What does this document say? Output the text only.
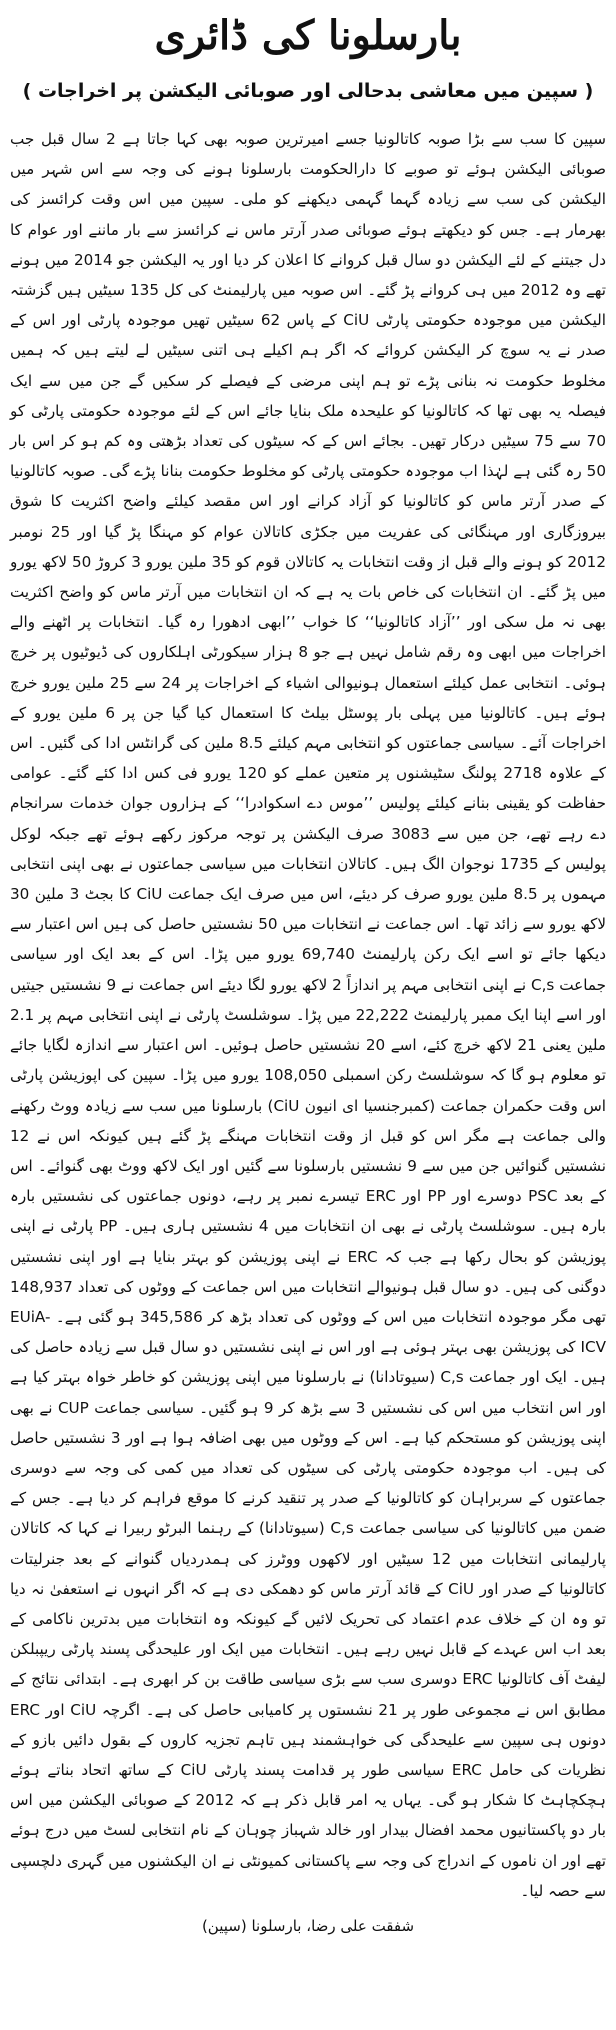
بارسلونا کی ڈائری
( سپین میں معاشی بدحالی اور صوبائی الیکشن پر اخراجات )

سپین کا سب سے بڑا صوبہ کاتالونیا جسے امیرترین صوبہ بھی کہا جاتا ہے 2 سال قبل جب صوبائی الیکشن ہوئے تو صوبے کا دارالحکومت بارسلونا ہونے کی وجہ سے اس شہر میں الیکشن کی سب سے زیادہ گہما گہمی دیکھنے کو ملی۔ سپین میں اس وقت کرائسز کی بھرمار ہے۔ جس کو دیکھتے ہوئے صوبائی صدر آرتر ماس نے کرائسز سے بار ماننے اور عوام کا دل جیتنے کے لئے الیکشن دو سال قبل کروانے کا اعلان کر دیا اور یہ الیکشن جو 2014 میں ہونے تھے وہ 2012 میں ہی کروانے پڑ گئے۔ اس صوبہ میں پارلیمنٹ کی کل 135 سیٹیں ہیں گزشتہ الیکشن میں موجودہ حکومتی پارٹی CiU کے پاس 62 سیٹیں تھیں موجودہ پارٹی اور اس کے صدر نے یہ سوچ کر الیکشن کروائے کہ اگر ہم اکیلے ہی اتنی سیٹیں لے لیتے ہیں کہ ہمیں مخلوط حکومت نہ بنانی پڑے تو ہم اپنی مرضی کے فیصلے کر سکیں گے جن میں سے ایک فیصلہ یہ بھی تھا کہ کاتالونیا کو علیحدہ ملک بنایا جائے اس کے لئے موجودہ حکومتی پارٹی کو 70 سے 75 سیٹیں درکار تھیں۔ بجائے اس کے کہ سیٹوں کی تعداد بڑھتی وہ کم ہو کر اس بار 50 رہ گئی ہے لہٰذا اب موجودہ حکومتی پارٹی کو مخلوط حکومت بنانا پڑے گی۔ صوبہ کاتالونیا کے صدر آرتر ماس کو کاتالونیا کو آزاد کرانے اور اس مقصد کیلئے واضح اکثریت کا شوق بیروزگاری اور مہنگائی کی عفریت میں جکڑی کاتالان عوام کو مہنگا پڑ گیا اور 25 نومبر 2012 کو ہونے والے قبل از وقت انتخابات یہ کاتالان قوم کو 35 ملین یورو 3 کروڑ 50 لاکھ یورو میں پڑ گئے۔ ان انتخابات کی خاص بات یہ ہے کہ ان انتخابات میں آرتر ماس کو واضح اکثریت بھی نہ مل سکی اور ’’آزاد کاتالونیا‘‘ کا خواب ’’ابھی ادھورا رہ گیا۔ انتخابات پر اٹھنے والے اخراجات میں ابھی وہ رقم شامل نہیں ہے جو 8 ہزار سیکورٹی اہلکاروں کی ڈیوٹیوں پر خرچ ہوئی۔ انتخابی عمل کیلئے استعمال ہونیوالی اشیاء کے اخراجات پر 24 سے 25 ملین یورو خرچ ہوئے ہیں۔ کاتالونیا میں پہلی بار پوسٹل بیلٹ کا استعمال کیا گیا جن پر 6 ملین یورو کے اخراجات آئے۔ سیاسی جماعتوں کو انتخابی مہم کیلئے 8.5 ملین کی گرانٹس ادا کی گئیں۔ اس کے علاوہ 2718 پولنگ سٹیشنوں پر متعین عملے کو 120 یورو فی کس ادا کئے گئے۔ عوامی حفاظت کو یقینی بنانے کیلئے پولیس ’’موس دے اسکوادرا‘‘ کے ہزاروں جوان خدمات سرانجام دے رہے تھے، جن میں سے 3083 صرف الیکشن پر توجہ مرکوز رکھے ہوئے تھے جبکہ لوکل پولیس کے 1735 نوجوان الگ ہیں۔ کاتالان انتخابات میں سیاسی جماعتوں نے بھی اپنی انتخابی مہموں پر 8.5 ملین یورو صرف کر دیئے، اس میں صرف ایک جماعت CiU کا بجٹ 3 ملین 30 لاکھ یورو سے زائد تھا۔ اس جماعت نے انتخابات میں 50 نشستیں حاصل کی ہیں اس اعتبار سے دیکھا جائے تو اسے ایک رکن پارلیمنٹ 69,740 یورو میں پڑا۔ اس کے بعد ایک اور سیاسی جماعت C,s نے اپنی انتخابی مہم پر اندازاً 2 لاکھ یورو لگا دیئے اس جماعت نے 9 نشستیں جیتیں اور اسے اپنا ایک ممبر پارلیمنٹ 22,222 میں پڑا۔ سوشلسٹ پارٹی نے اپنی انتخابی مہم پر 2.1 ملین یعنی 21 لاکھ خرچ کئے، اسے 20 نشستیں حاصل ہوئیں۔ اس اعتبار سے اندازہ لگایا جائے تو معلوم ہو گا کہ سوشلسٹ رکن اسمبلی 108,050 یورو میں پڑا۔ سپین کی اپوزیشن پارٹی اس وقت حکمران جماعت (کمبرجنسیا ای انیون CiU) بارسلونا میں سب سے زیادہ ووٹ رکھنے والی جماعت ہے مگر اس کو قبل از وقت انتخابات مہنگے پڑ گئے ہیں کیونکہ اس نے 12 نشستیں گنوائیں جن میں سے 9 نشستیں بارسلونا سے گئیں اور ایک لاکھ ووٹ بھی گنوائے۔ اس کے بعد PSC دوسرے اور PP اور ERC تیسرے نمبر پر رہے، دونوں جماعتوں کی نشستیں بارہ بارہ ہیں۔ سوشلسٹ پارٹی نے بھی ان انتخابات میں 4 نشستیں ہاری ہیں۔ PP پارٹی نے اپنی پوزیشن کو بحال رکھا ہے جب کہ ERC نے اپنی پوزیشن کو بہتر بنایا ہے اور اپنی نشستیں دوگنی کی ہیں۔ دو سال قبل ہونیوالے انتخابات میں اس جماعت کے ووٹوں کی تعداد 148,937 تھی مگر موجودہ انتخابات میں اس کے ووٹوں کی تعداد بڑھ کر 345,586 ہو گئی ہے۔ EUiA-ICV کی پوزیشن بھی بہتر ہوئی ہے اور اس نے اپنی نشستیں دو سال قبل سے زیادہ حاصل کی ہیں۔ ایک اور جماعت C,s (سیوتادانا) نے بارسلونا میں اپنی پوزیشن کو خاطر خواہ بہتر کیا ہے اور اس انتخاب میں اس کی نشستیں 3 سے بڑھ کر 9 ہو گئیں۔ سیاسی جماعت CUP نے بھی اپنی پوزیشن کو مستحکم کیا ہے۔ اس کے ووٹوں میں بھی اضافہ ہوا ہے اور 3 نشستیں حاصل کی ہیں۔ اب موجودہ حکومتی پارٹی کی سیٹوں کی تعداد میں کمی کی وجہ سے دوسری جماعتوں کے سربراہان کو کاتالونیا کے صدر پر تنقید کرنے کا موقع فراہم کر دیا ہے۔ جس کے ضمن میں کاتالونیا کی سیاسی جماعت C,s (سیوتادانا) کے رہنما البرٹو ربیرا نے کہا کہ کاتالان پارلیمانی انتخابات میں 12 سیٹیں اور لاکھوں ووٹرز کی ہمدردیاں گنوانے کے بعد جنرلیتات کاتالونیا کے صدر اور CiU کے قائد آرتر ماس کو دھمکی دی ہے کہ اگر انہوں نے استعفیٰ نہ دیا تو وہ ان کے خلاف عدم اعتماد کی تحریک لائیں گے کیونکہ وہ انتخابات میں بدترین ناکامی کے بعد اب اس عہدے کے قابل نہیں رہے ہیں۔ انتخابات میں ایک اور علیحدگی پسند پارٹی ریپبلکن لیفٹ آف کاتالونیا ERC دوسری سب سے بڑی سیاسی طاقت بن کر ابھری ہے۔ ابتدائی نتائج کے مطابق اس نے مجموعی طور پر 21 نشستوں پر کامیابی حاصل کی ہے۔ اگرچہ CiU اور ERC دونوں ہی سپین سے علیحدگی کی خواہشمند ہیں تاہم تجزیہ کاروں کے بقول دائیں بازو کے نظریات کی حامل ERC سیاسی طور پر قدامت پسند پارٹی CiU کے ساتھ اتحاد بناتے ہوئے ہچکچاہٹ کا شکار ہو گی۔ یہاں یہ امر قابل ذکر ہے کہ 2012 کے صوبائی الیکشن میں اس بار دو پاکستانیوں محمد افضال بیدار اور خالد شہباز چوہان کے نام انتخابی لسٹ میں درج ہوئے تھے اور ان ناموں کے اندراج کی وجہ سے پاکستانی کمیونٹی نے ان الیکشنوں میں گہری دلچسپی سے حصہ لیا۔

شفقت علی رضا، بارسلونا (سپین)
